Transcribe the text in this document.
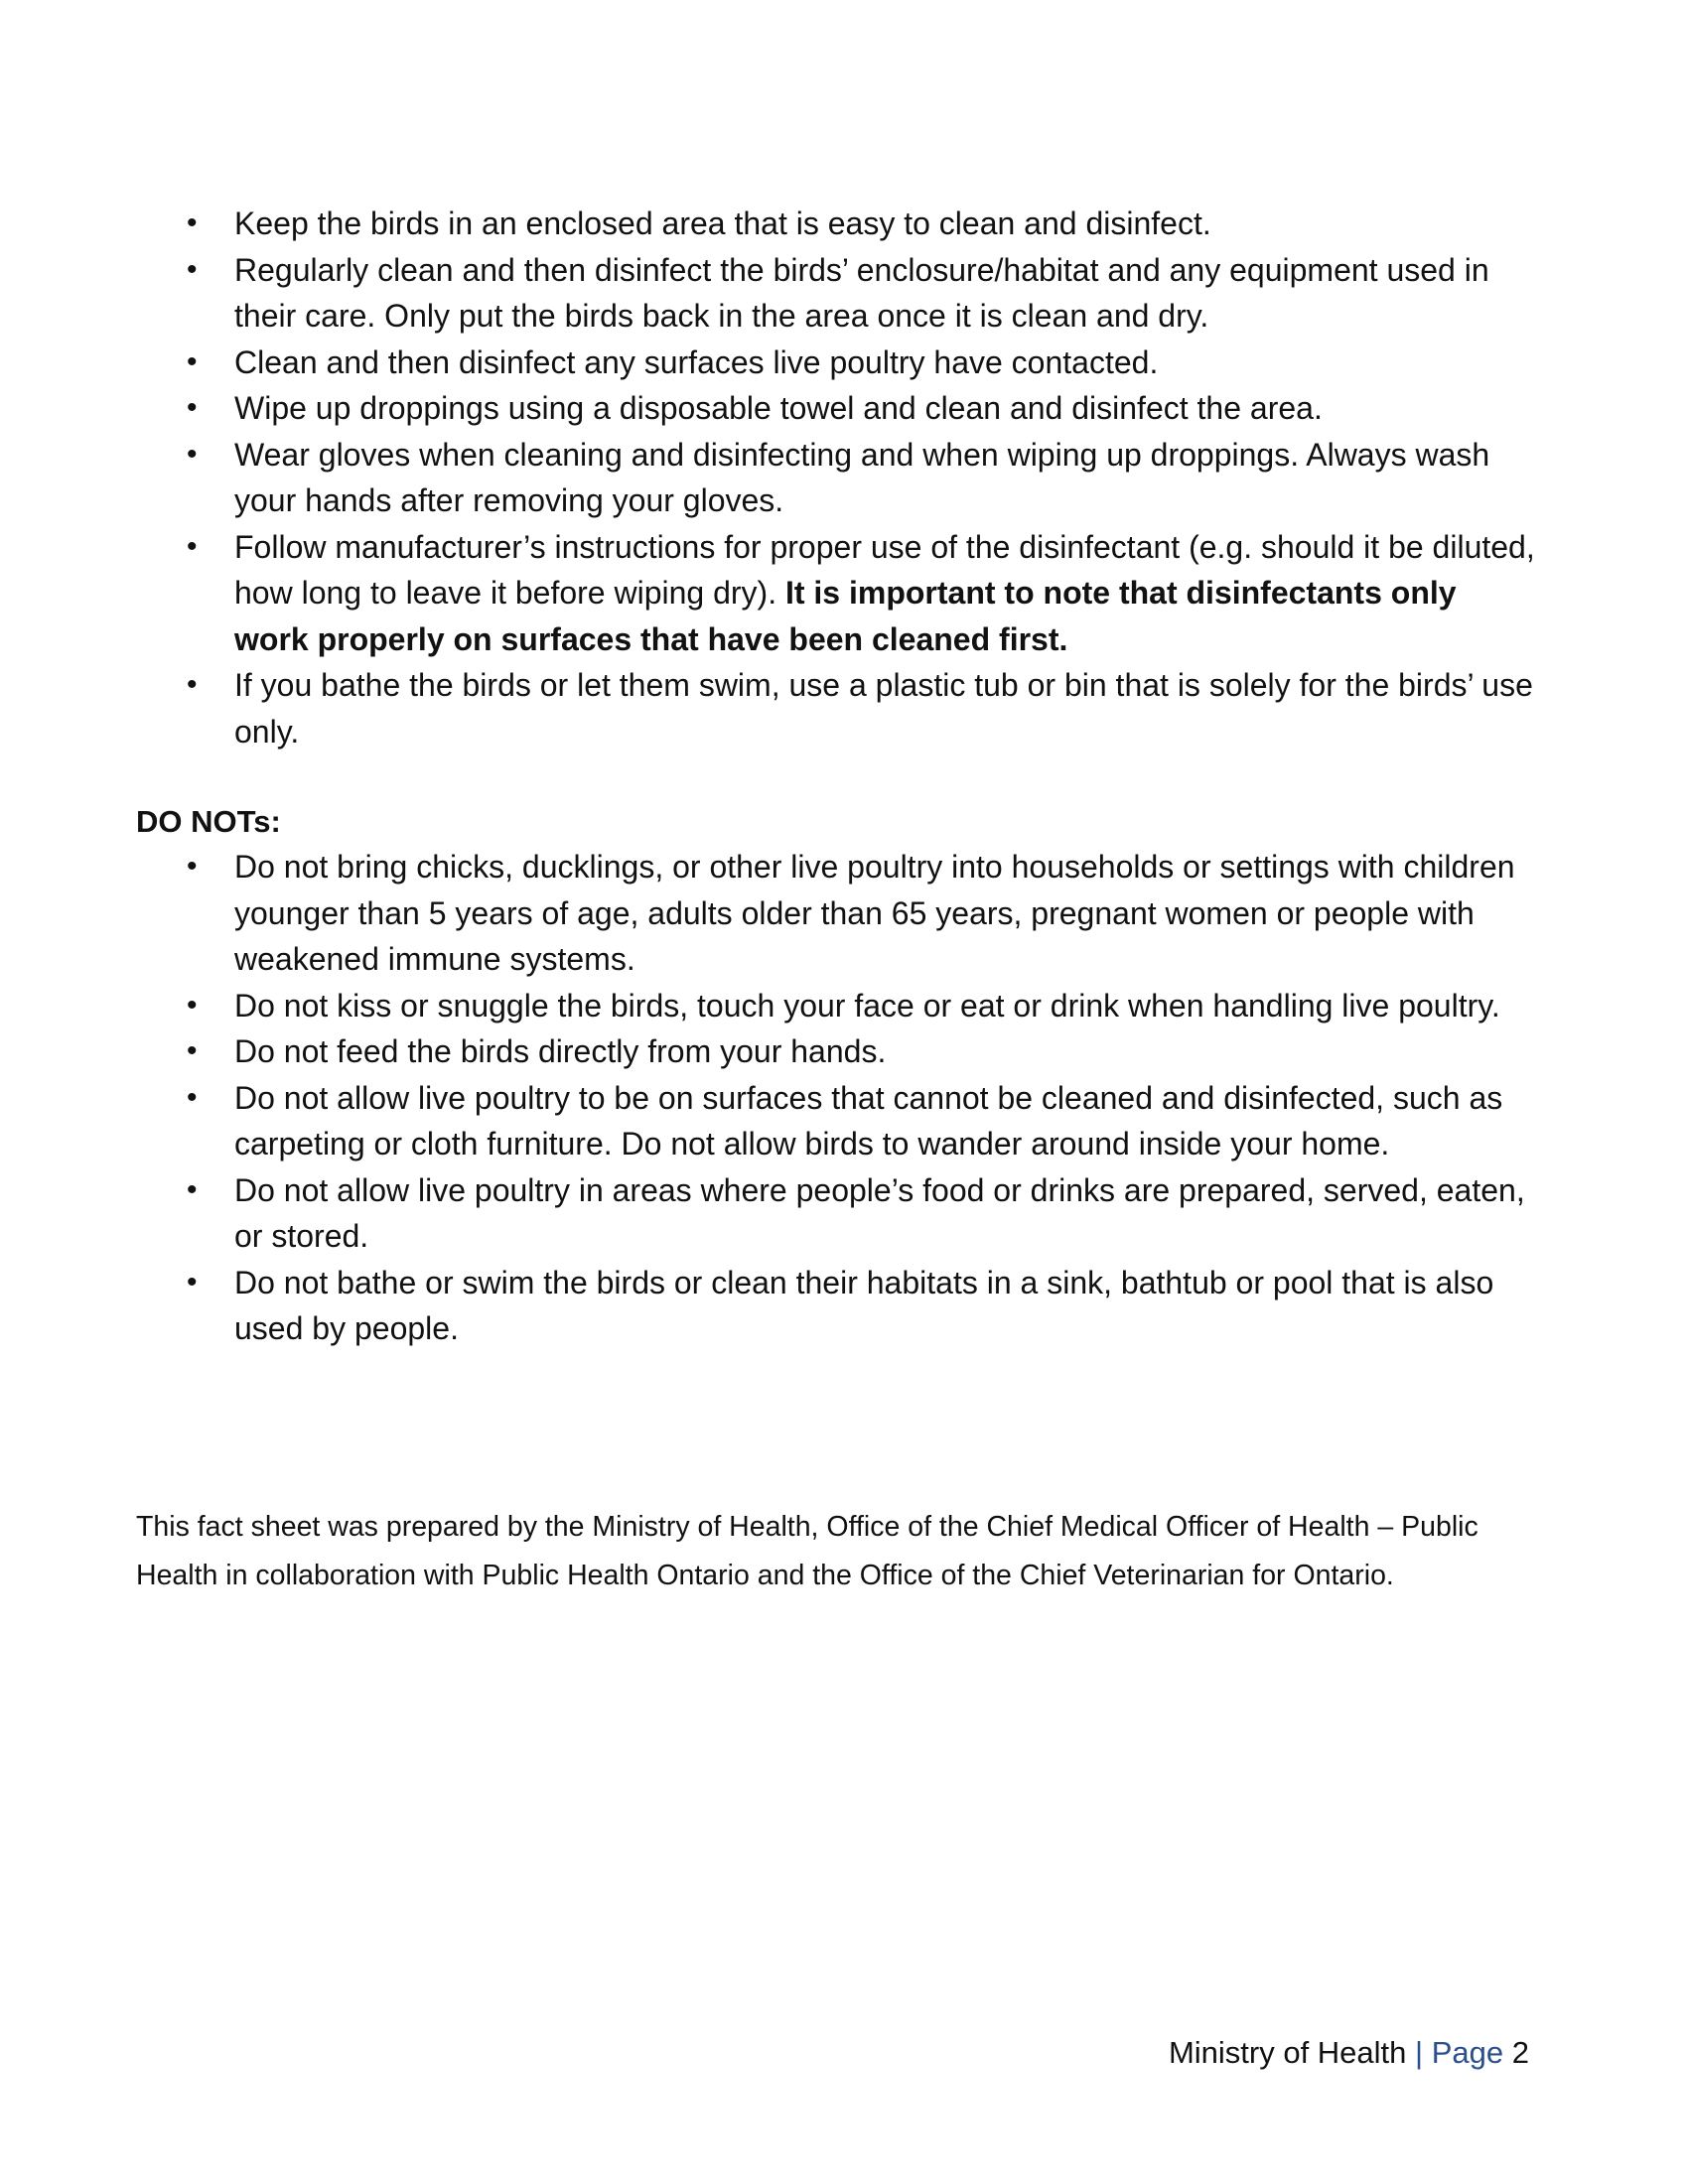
•	Keep the birds in an enclosed area that is easy to clean and disinfect.
•	Regularly clean and then disinfect the birds’ enclosure/habitat and any equipment used in their care. Only put the birds back in the area once it is clean and dry.
•	Clean and then disinfect any surfaces live poultry have contacted.
•	Wipe up droppings using a disposable towel and clean and disinfect the area.
•	Wear gloves when cleaning and disinfecting and when wiping up droppings. Always wash your hands after removing your gloves.
•	Follow manufacturer’s instructions for proper use of the disinfectant (e.g. should it be diluted, how long to leave it before wiping dry). It is important to note that disinfectants only work properly on surfaces that have been cleaned first.
•	If you bathe the birds or let them swim, use a plastic tub or bin that is solely for the birds’ use only.
DO NOTs:
•	Do not bring chicks, ducklings, or other live poultry into households or settings with children younger than 5 years of age, adults older than 65 years, pregnant women or people with weakened immune systems.
•	Do not kiss or snuggle the birds, touch your face or eat or drink when handling live poultry.
•	Do not feed the birds directly from your hands.
•	Do not allow live poultry to be on surfaces that cannot be cleaned and disinfected, such as carpeting or cloth furniture. Do not allow birds to wander around inside your home.
•	Do not allow live poultry in areas where people’s food or drinks are prepared, served, eaten, or stored.
•	Do not bathe or swim the birds or clean their habitats in a sink, bathtub or pool that is also used by people.

This fact sheet was prepared by the Ministry of Health, Office of the Chief Medical Officer of Health – Public Health in collaboration with Public Health Ontario and the Office of the Chief Veterinarian for Ontario.

Ministry of Health | Page 2
